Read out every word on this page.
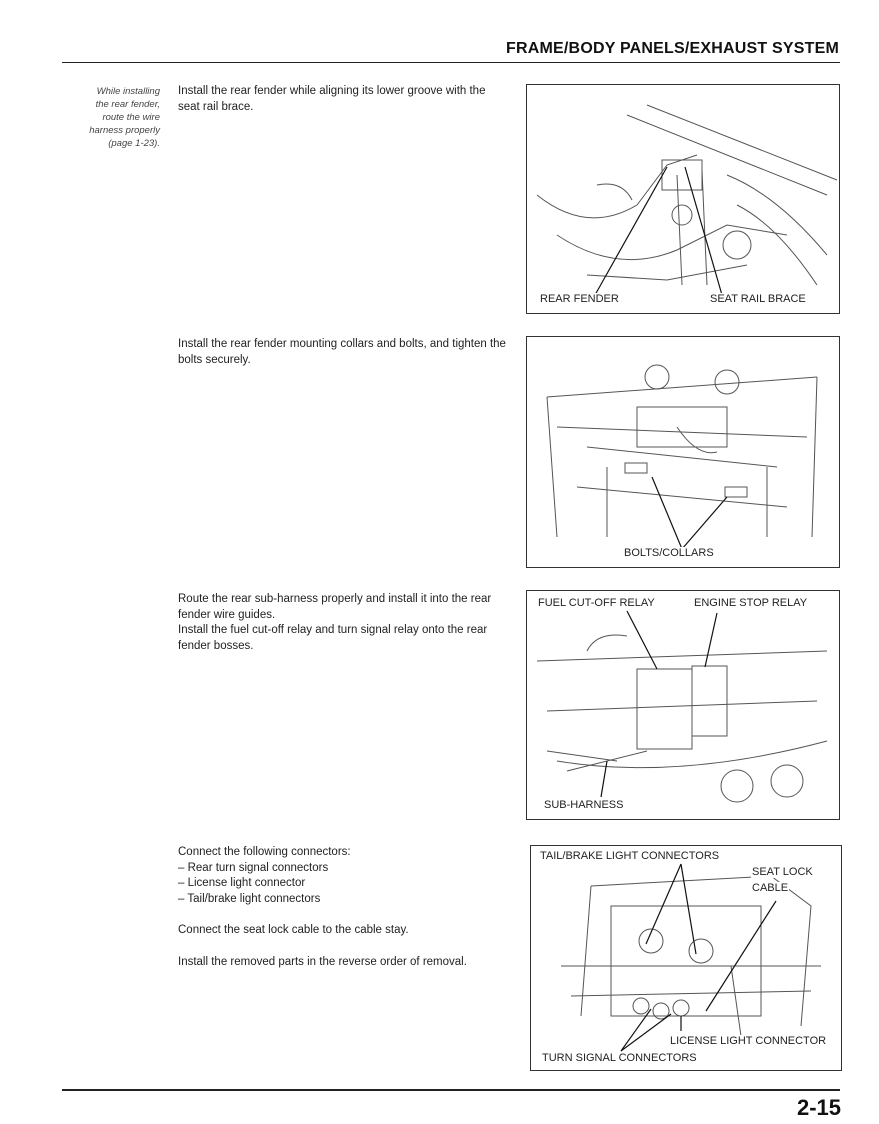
FRAME/BODY PANELS/EXHAUST SYSTEM
While installing
the rear fender,
route the wire
harness properly
(page 1-23).

Install the rear fender while aligning its lower groove with the seat rail brace.

REAR FENDER	SEAT RAIL BRACE

Install the rear fender mounting collars and bolts, and tighten the bolts securely.

BOLTS/COLLARS

Route the rear sub-harness properly and install it into the rear fender wire guides.

Install the fuel cut-off relay and turn signal relay onto the rear fender bosses.

FUEL CUT-OFF RELAY	ENGINE STOP RELAY
SUB-HARNESS

Connect the following connectors:

– Rear turn signal connectors
– License light connector
– Tail/brake light connectors

Connect the seat lock cable to the cable stay.

Install the removed parts in the reverse order of removal.

TAIL/BRAKE LIGHT CONNECTORS
SEAT LOCK
CABLE
LICENSE LIGHT CONNECTOR
TURN SIGNAL CONNECTORS
2-15
